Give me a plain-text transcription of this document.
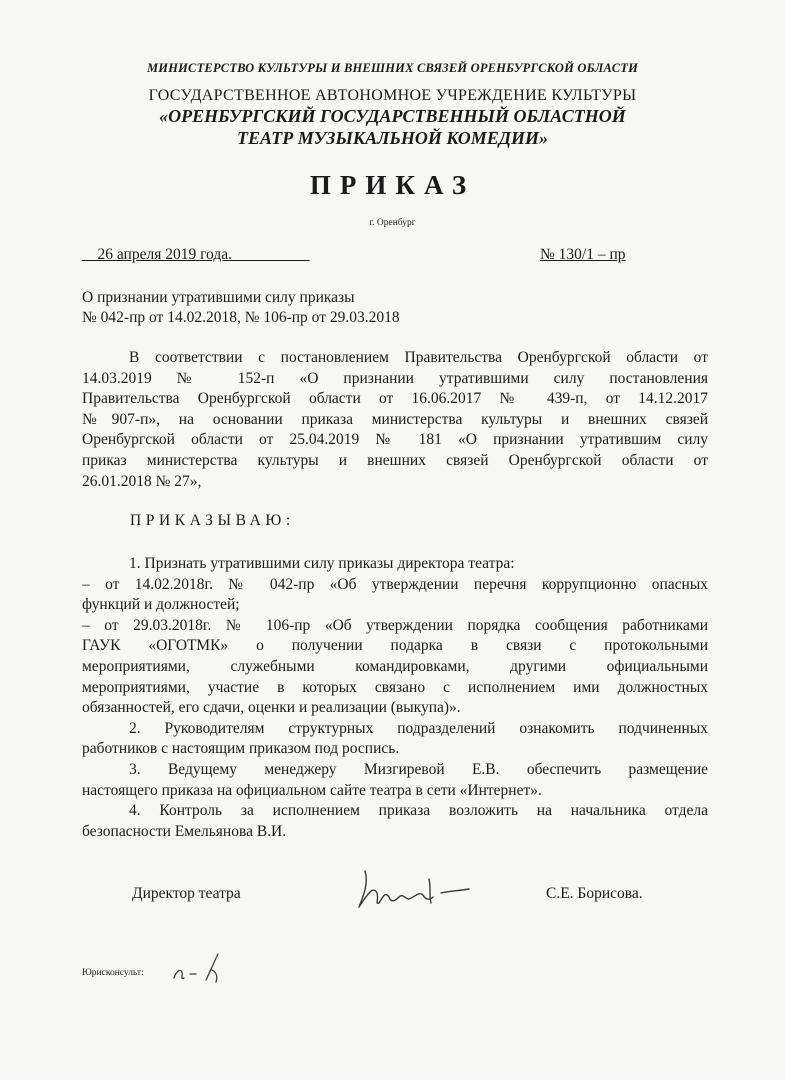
МИНИСТЕРСТВО КУЛЬТУРЫ И ВНЕШНИХ СВЯЗЕЙ ОРЕНБУРГСКОЙ ОБЛАСТИ
ГОСУДАРСТВЕННОЕ АВТОНОМНОЕ УЧРЕЖДЕНИЕ КУЛЬТУРЫ
«ОРЕНБУРГСКИЙ ГОСУДАРСТВЕННЫЙ ОБЛАСТНОЙ
ТЕАТР МУЗЫКАЛЬНОЙ КОМЕДИИ»
ПРИКАЗ
г. Оренбург
__26 апреля 2019 года.__________	№ 130/1 – пр
О признании утратившими силу приказы
№ 042-пр от 14.02.2018, № 106-пр от 29.03.2018
В соответствии с постановлением Правительства Оренбургской области от
14.03.2019 № 152-п «О признании утратившими силу постановления
Правительства Оренбургской области от 16.06.2017 № 439-п, от 14.12.2017
№907-п», на основании приказа министерства культуры и внешних связей
Оренбургской области от 25.04.2019 № 181 «О признании утратившим силу
приказ министерства культуры и внешних связей Оренбургской области от
26.01.2018 № 27»,
ПРИКАЗЫВАЮ:
1. Признать утратившими силу приказы директора театра:
– от 14.02.2018г. № 042-пр «Об утверждении перечня коррупционно опасных
функций и должностей;
– от 29.03.2018г. № 106-пр «Об утверждении порядка сообщения работниками
ГАУК «ОГОТМК» о получении подарка в связи с протокольными
мероприятиями, служебными командировками, другими официальными
мероприятиями, участие в которых связано с исполнением ими должностных
обязанностей, его сдачи, оценки и реализации (выкупа)».
2. Руководителям структурных подразделений ознакомить подчиненных
работников с настоящим приказом под роспись.
3. Ведущему менеджеру Мизгиревой Е.В. обеспечить размещение
настоящего приказа на официальном сайте театра в сети «Интернет».
4. Контроль за исполнением приказа возложить на начальника отдела
безопасности Емельянова В.И.
Директор театра	С.Е. Борисова.
Юрисконсульт:
